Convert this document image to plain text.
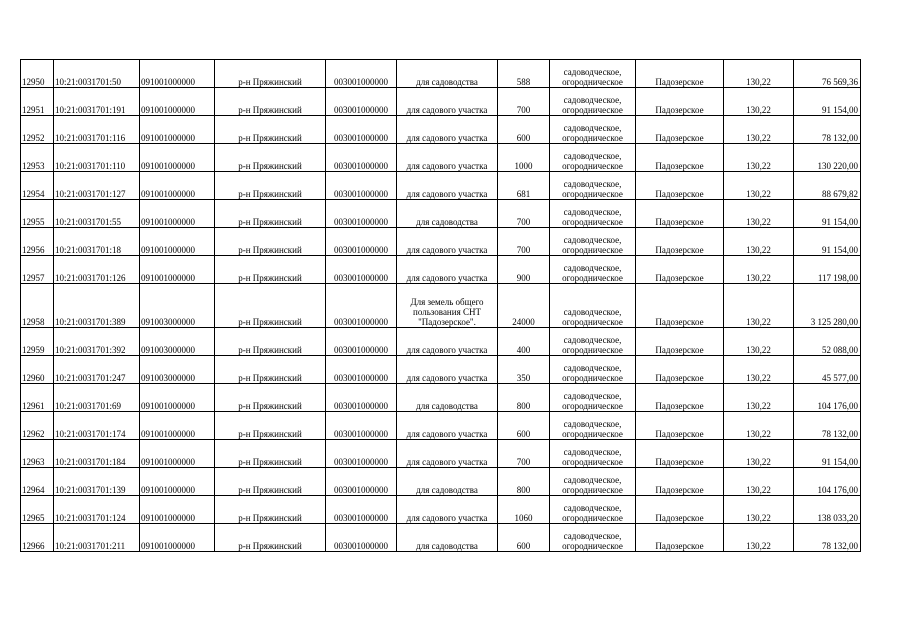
12950	10:21:0031701:50	091001000000	р-н Пряжинский	003001000000	для садоводства	588	садоводческое,
огородническое	Падозерское	130,22	76 569,36
12951	10:21:0031701:191	091001000000	р-н Пряжинский	003001000000	для садового участка	700	садоводческое,
огородническое	Падозерское	130,22	91 154,00
12952	10:21:0031701:116	091001000000	р-н Пряжинский	003001000000	для садового участка	600	садоводческое,
огородническое	Падозерское	130,22	78 132,00
12953	10:21:0031701:110	091001000000	р-н Пряжинский	003001000000	для садового участка	1000	садоводческое,
огородническое	Падозерское	130,22	130 220,00
12954	10:21:0031701:127	091001000000	р-н Пряжинский	003001000000	для садового участка	681	садоводческое,
огородническое	Падозерское	130,22	88 679,82
12955	10:21:0031701:55	091001000000	р-н Пряжинский	003001000000	для садоводства	700	садоводческое,
огородническое	Падозерское	130,22	91 154,00
12956	10:21:0031701:18	091001000000	р-н Пряжинский	003001000000	для садового участка	700	садоводческое,
огородническое	Падозерское	130,22	91 154,00
12957	10:21:0031701:126	091001000000	р-н Пряжинский	003001000000	для садового участка	900	садоводческое,
огородническое	Падозерское	130,22	117 198,00
12958	10:21:0031701:389	091003000000	р-н Пряжинский	003001000000	Для земель общего пользования СНТ "Падозерское".	24000	садоводческое,
огородническое	Падозерское	130,22	3 125 280,00
12959	10:21:0031701:392	091003000000	р-н Пряжинский	003001000000	для садового участка	400	садоводческое,
огородническое	Падозерское	130,22	52 088,00
12960	10:21:0031701:247	091003000000	р-н Пряжинский	003001000000	для садового участка	350	садоводческое,
огородническое	Падозерское	130,22	45 577,00
12961	10:21:0031701:69	091001000000	р-н Пряжинский	003001000000	для садоводства	800	садоводческое,
огородническое	Падозерское	130,22	104 176,00
12962	10:21:0031701:174	091001000000	р-н Пряжинский	003001000000	для садового участка	600	садоводческое,
огородническое	Падозерское	130,22	78 132,00
12963	10:21:0031701:184	091001000000	р-н Пряжинский	003001000000	для садового участка	700	садоводческое,
огородническое	Падозерское	130,22	91 154,00
12964	10:21:0031701:139	091001000000	р-н Пряжинский	003001000000	для садоводства	800	садоводческое,
огородническое	Падозерское	130,22	104 176,00
12965	10:21:0031701:124	091001000000	р-н Пряжинский	003001000000	для садового участка	1060	садоводческое,
огородническое	Падозерское	130,22	138 033,20
12966	10:21:0031701:211	091001000000	р-н Пряжинский	003001000000	для садоводства	600	садоводческое,
огородническое	Падозерское	130,22	78 132,00
